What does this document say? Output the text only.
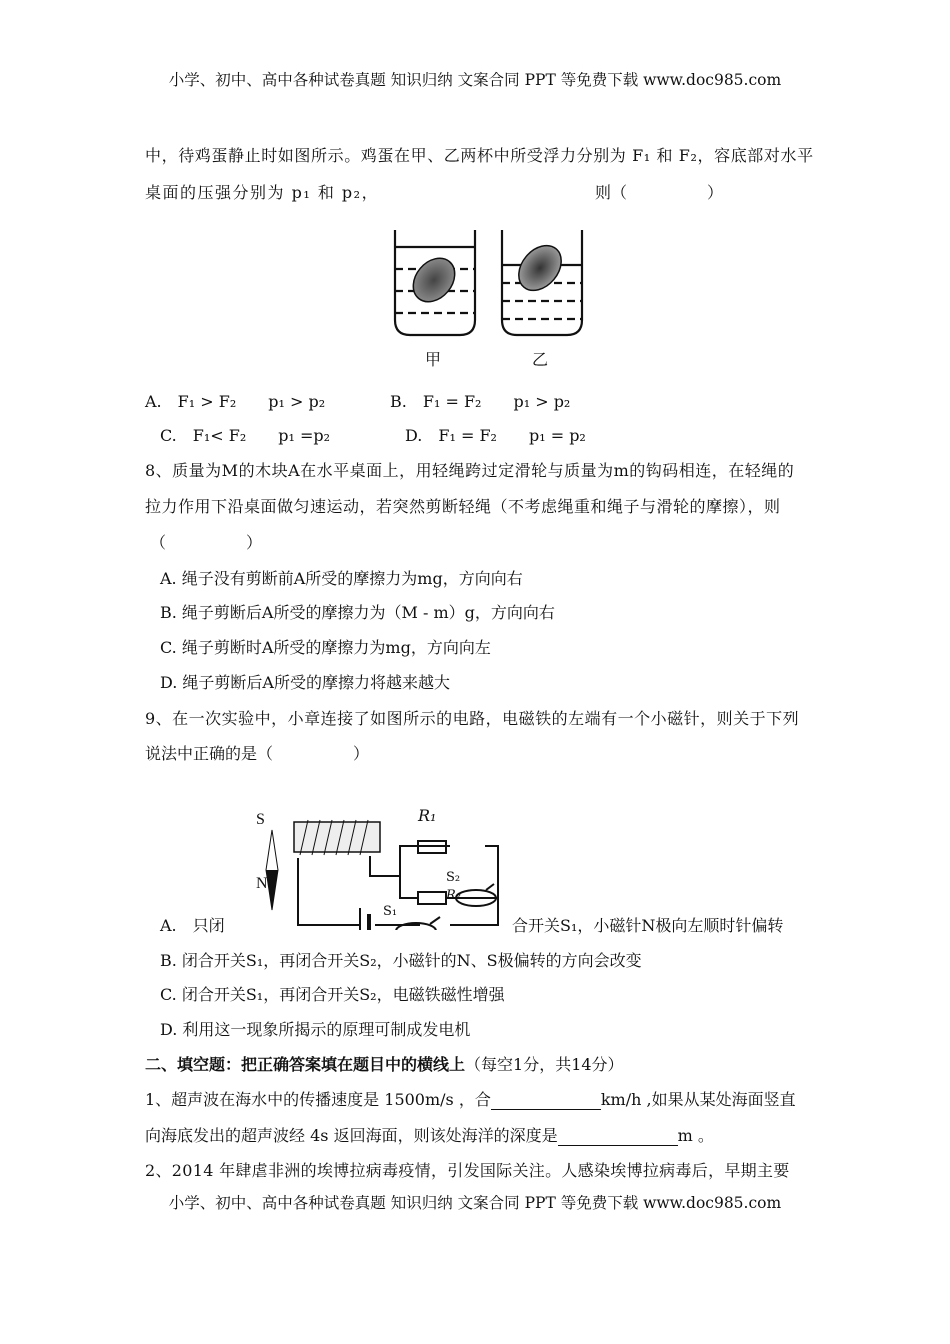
小学、初中、高中各种试卷真题 知识归纳 文案合同 PPT 等免费下载 www.doc985.com
中，待鸡蛋静止时如图所示。鸡蛋在甲、乙两杯中所受浮力分别为 F₁ 和 F₂，容底部对水平
桌面的压强分别为 p₁ 和 p₂，	则（　　　　　）
甲	乙
A.　F₁ > F₂　　p₁ > p₂	B.　F₁ = F₂　　p₁ > p₂
C.　F₁< F₂　　p₁ =p₂	D.　F₁ = F₂　　p₁ = p₂
8、质量为M的木块A在水平桌面上，用轻绳跨过定滑轮与质量为m的钩码相连，在轻绳的
拉力作用下沿桌面做匀速运动，若突然剪断轻绳（不考虑绳重和绳子与滑轮的摩擦），则
（　　　　　）
A. 绳子没有剪断前A所受的摩擦力为mg，方向向右
B. 绳子剪断后A所受的摩擦力为（M - m）g，方向向右
C. 绳子剪断时A所受的摩擦力为mg，方向向左
D. 绳子剪断后A所受的摩擦力将越来越大
9、在一次实验中，小章连接了如图所示的电路，电磁铁的左端有一个小磁针，则关于下列
说法中正确的是（　　　　　）
S
N
R₁
R₂
S₂
S₁
A.　只闭	合开关S₁，小磁针N极向左顺时针偏转
B. 闭合开关S₁，再闭合开关S₂，小磁针的N、S极偏转的方向会改变
C. 闭合开关S₁，再闭合开关S₂，电磁铁磁性增强
D. 利用这一现象所揭示的原理可制成发电机
二、填空题：把正确答案填在题目中的横线上（每空1分，共14分）
1、超声波在海水中的传播速度是 1500m/s ，合	km/h ,如果从某处海面竖直
向海底发出的超声波经 4s 返回海面，则该处海洋的深度是	m 。
2、2014 年肆虐非洲的埃博拉病毒疫情，引发国际关注。人感染埃博拉病毒后，早期主要
小学、初中、高中各种试卷真题 知识归纳 文案合同 PPT 等免费下载 www.doc985.com
